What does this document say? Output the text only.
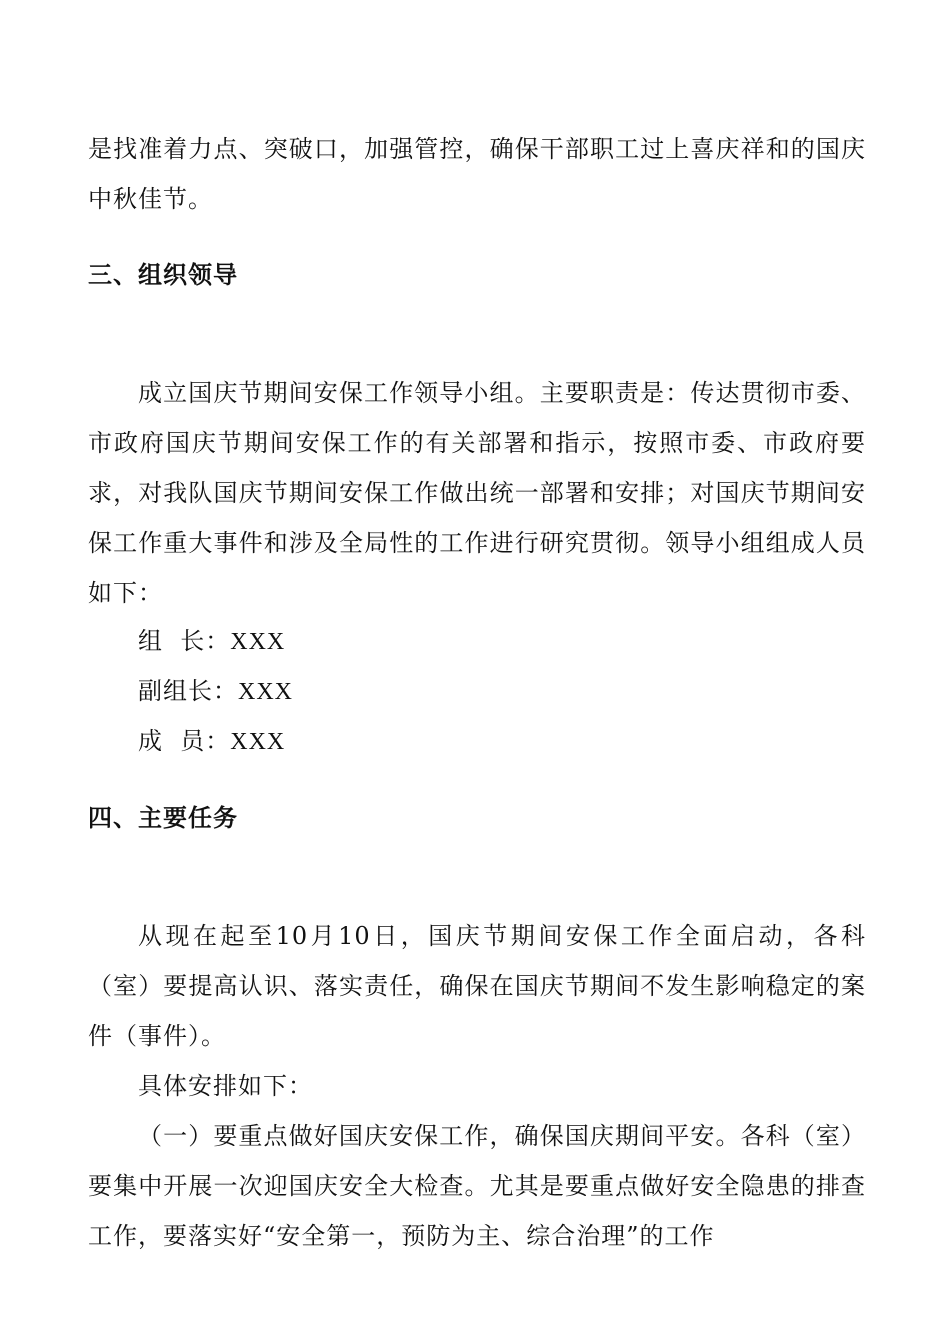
是找准着力点、突破口，加强管控，确保干部职工过上喜庆祥和的国庆中秋佳节。

三、组织领导

成立国庆节期间安保工作领导小组。主要职责是：传达贯彻市委、市政府国庆节期间安保工作的有关部署和指示，按照市委、市政府要求，对我队国庆节期间安保工作做出统一部署和安排；对国庆节期间安保工作重大事件和涉及全局性的工作进行研究贯彻。领导小组组成人员如下：

组  长：XXX
副组长：XXX
成  员：XXX
四、主要任务

从现在起至10月10日，国庆节期间安保工作全面启动，各科（室）要提高认识、落实责任，确保在国庆节期间不发生影响稳定的案件（事件）。

具体安排如下：

（一）要重点做好国庆安保工作，确保国庆期间平安。各科（室）要集中开展一次迎国庆安全大检查。尤其是要重点做好安全隐患的排查工作，要落实好“安全第一，预防为主、综合治理”的工作
